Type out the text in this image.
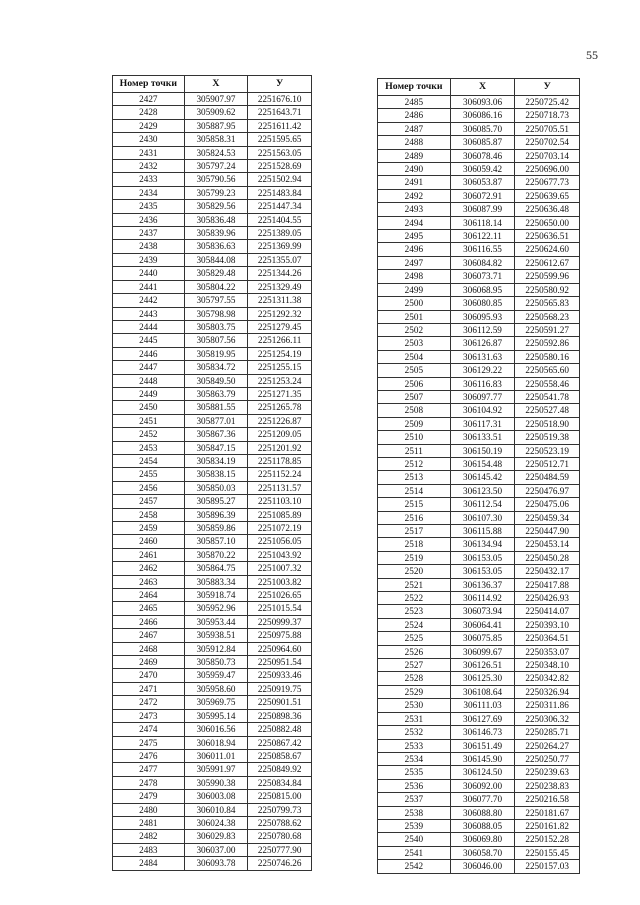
55
Номер точки	X	У
2427	305907.97	2251676.10
2428	305909.62	2251643.71
2429	305887.95	2251611.42
2430	305858.31	2251595.65
2431	305824.53	2251563.05
2432	305797.24	2251528.69
2433	305790.56	2251502.94
2434	305799.23	2251483.84
2435	305829.56	2251447.34
2436	305836.48	2251404.55
2437	305839.96	2251389.05
2438	305836.63	2251369.99
2439	305844.08	2251355.07
2440	305829.48	2251344.26
2441	305804.22	2251329.49
2442	305797.55	2251311.38
2443	305798.98	2251292.32
2444	305803.75	2251279.45
2445	305807.56	2251266.11
2446	305819.95	2251254.19
2447	305834.72	2251255.15
2448	305849.50	2251253.24
2449	305863.79	2251271.35
2450	305881.55	2251265.78
2451	305877.01	2251226.87
2452	305867.36	2251209.05
2453	305847.15	2251201.92
2454	305834.19	2251178.85
2455	305838.15	2251152.24
2456	305850.03	2251131.57
2457	305895.27	2251103.10
2458	305896.39	2251085.89
2459	305859.86	2251072.19
2460	305857.10	2251056.05
2461	305870.22	2251043.92
2462	305864.75	2251007.32
2463	305883.34	2251003.82
2464	305918.74	2251026.65
2465	305952.96	2251015.54
2466	305953.44	2250999.37
2467	305938.51	2250975.88
2468	305912.84	2250964.60
2469	305850.73	2250951.54
2470	305959.47	2250933.46
2471	305958.60	2250919.75
2472	305969.75	2250901.51
2473	305995.14	2250898.36
2474	306016.56	2250882.48
2475	306018.94	2250867.42
2476	306011.01	2250858.67
2477	305991.97	2250849.92
2478	305990.38	2250834.84
2479	306003.08	2250815.00
2480	306010.84	2250799.73
2481	306024.38	2250788.62
2482	306029.83	2250780.68
2483	306037.00	2250777.90
2484	306093.78	2250746.26
Номер точки	X	У
2485	306093.06	2250725.42
2486	306086.16	2250718.73
2487	306085.70	2250705.51
2488	306085.87	2250702.54
2489	306078.46	2250703.14
2490	306059.42	2250696.00
2491	306053.87	2250677.73
2492	306072.91	2250639.65
2493	306087.99	2250636.48
2494	306118.14	2250650.00
2495	306122.11	2250636.51
2496	306116.55	2250624.60
2497	306084.82	2250612.67
2498	306073.71	2250599.96
2499	306068.95	2250580.92
2500	306080.85	2250565.83
2501	306095.93	2250568.23
2502	306112.59	2250591.27
2503	306126.87	2250592.86
2504	306131.63	2250580.16
2505	306129.22	2250565.60
2506	306116.83	2250558.46
2507	306097.77	2250541.78
2508	306104.92	2250527.48
2509	306117.31	2250518.90
2510	306133.51	2250519.38
2511	306150.19	2250523.19
2512	306154.48	2250512.71
2513	306145.42	2250484.59
2514	306123.50	2250476.97
2515	306112.54	2250475.06
2516	306107.30	2250459.34
2517	306115.88	2250447.90
2518	306134.94	2250453.14
2519	306153.05	2250450.28
2520	306153.05	2250432.17
2521	306136.37	2250417.88
2522	306114.92	2250426.93
2523	306073.94	2250414.07
2524	306064.41	2250393.10
2525	306075.85	2250364.51
2526	306099.67	2250353.07
2527	306126.51	2250348.10
2528	306125.30	2250342.82
2529	306108.64	2250326.94
2530	306111.03	2250311.86
2531	306127.69	2250306.32
2532	306146.73	2250285.71
2533	306151.49	2250264.27
2534	306145.90	2250250.77
2535	306124.50	2250239.63
2536	306092.00	2250238.83
2537	306077.70	2250216.58
2538	306088.80	2250181.67
2539	306088.05	2250161.82
2540	306069.80	2250152.28
2541	306058.70	2250155.45
2542	306046.00	2250157.03
